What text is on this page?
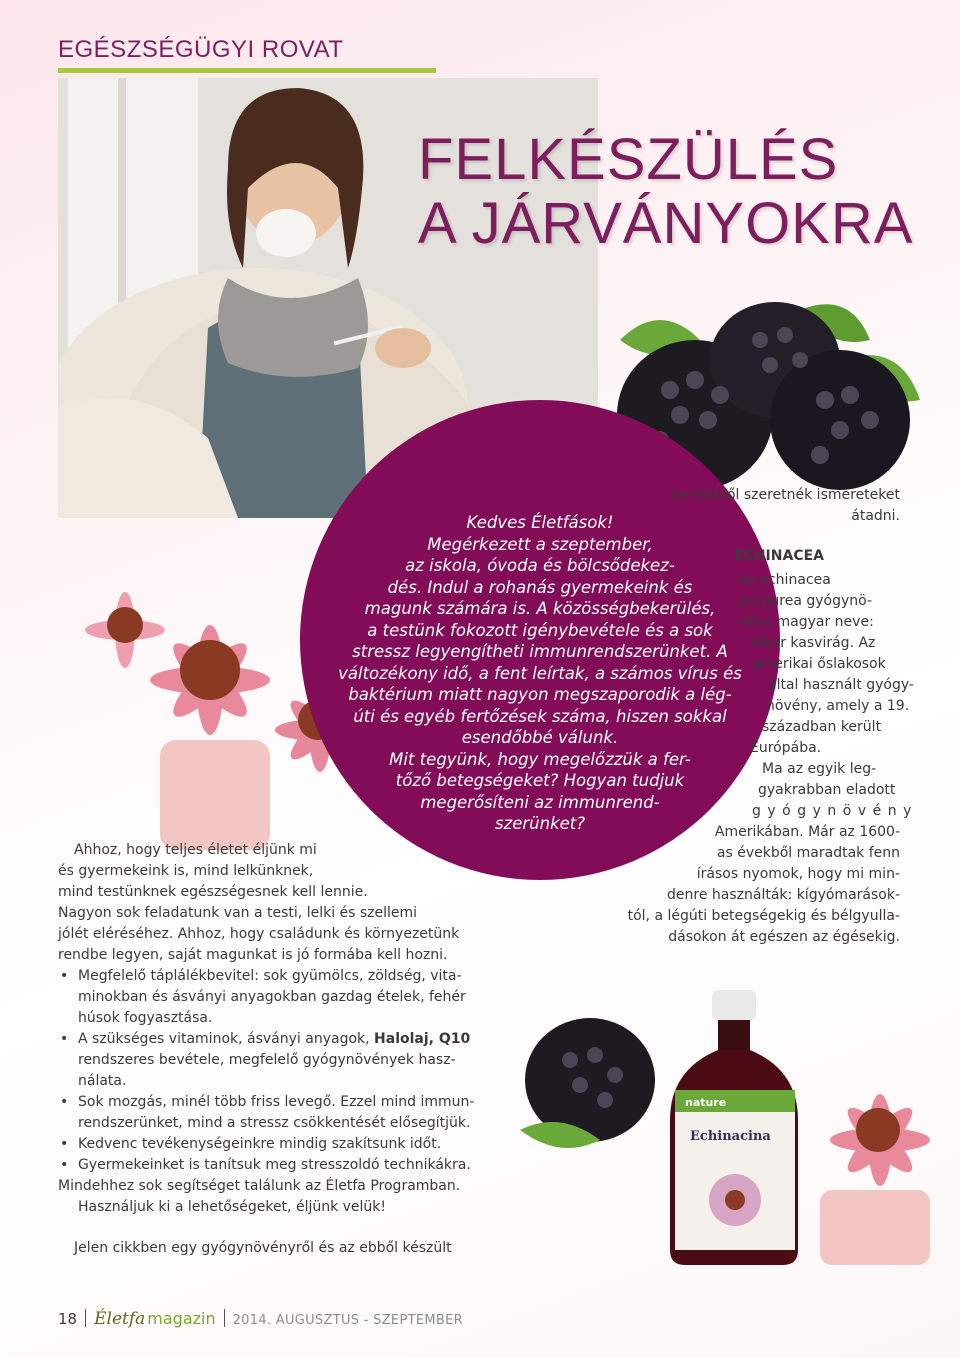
EGÉSZSÉGÜGYI ROVAT
FELKÉSZÜLÉS
A JÁRVÁNYOKRA
Kedves Életfások!
Megérkezett a szeptember,
az iskola, óvoda és bölcsődekez-
dés. Indul a rohanás gyermekeink és
magunk számára is. A közösségbekerülés,
a testünk fokozott igénybevétele és a sok
stressz legyengítheti immunrendszerünket. A
változékony idő, a fent leírtak, a számos vírus és
baktérium miatt nagyon megszaporodik a lég-
úti és egyéb fertőzések száma, hiszen sokkal
esendőbbé válunk.
Mit tegyünk, hogy megelőzzük a fer-
tőző betegségeket? Hogyan tudjuk
megerősíteni az immunrend-
szerünket?
termékről szeretnék ismereteket
átadni.
ECHINACEA
Az echinacea
purpurea gyógynö-
vény magyar neve:
bíbor kasvirág. Az
amerikai őslakosok
által használt gyógy-
növény, amely a 19.
században került
Európába.
Ma az egyik leg-
gyakrabban eladott
gyógynövény
Amerikában. Már az 1600-
as évekből maradtak fenn
írásos nyomok, hogy mi min-
denre használták: kígyómarások-
tól, a légúti betegségekig és bélgyulla-
dásokon át egészen az égésekig.
Ahhoz, hogy teljes életet éljünk mi
és gyermekeink is, mind lelkünknek,
mind testünknek egészségesnek kell lennie.
Nagyon sok feladatunk van a testi, lelki és szellemi
jólét eléréséhez. Ahhoz, hogy családunk és környezetünk
rendbe legyen, saját magunkat is jó formába kell hozni.
• Megfelelő táplálékbevitel: sok gyümölcs, zöldség, vita-
minokban és ásványi anyagokban gazdag ételek, fehér
húsok fogyasztása.
• A szükséges vitaminok, ásványi anyagok, Halolaj, Q10
rendszeres bevétele, megfelelő gyógynövények hasz-
nálata.
• Sok mozgás, minél több friss levegő. Ezzel mind immun-
rendszerünket, mind a stressz csökkentését elősegítjük.
• Kedvenc tevékenységeinkre mindig szakítsunk időt.
• Gyermekeinket is tanítsuk meg stresszoldó technikákra.
Mindehhez sok segítséget találunk az Életfa Programban.
Használjuk ki a lehetőségeket, éljünk velük!
Jelen cikkben egy gyógynövényről és az ebből készült
nature
Echinacina
18 Életfa magazin 2014. AUGUSZTUS - SZEPTEMBER
